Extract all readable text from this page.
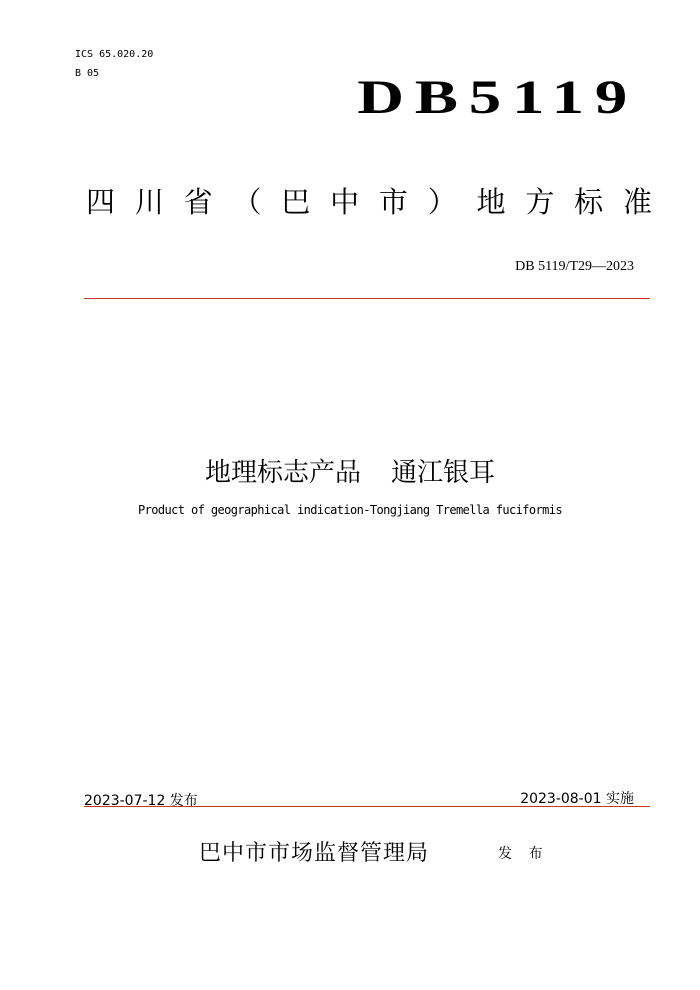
ICS 65.020.20
B 05	DB5119
四 川 省 （ 巴 中 市 ） 地 方 标 准
DB 5119/T29—2023
地理标志产品 通江银耳
Product of geographical indication-Tongjiang Tremella fuciformis
2023-07-12 发布	2023-08-01 实施
巴中市市场监督管理局	发 布
